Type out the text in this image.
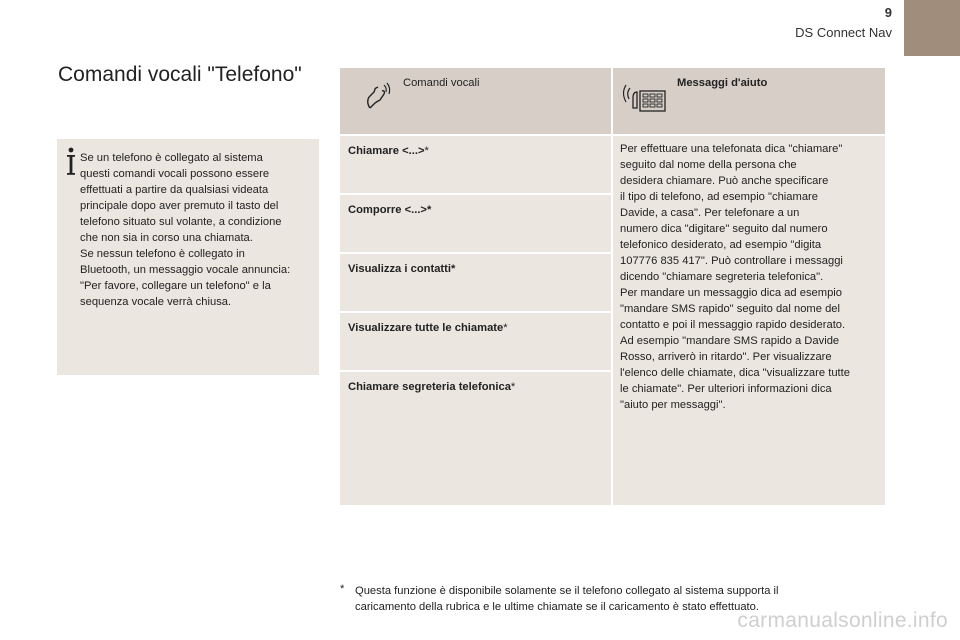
9
DS Connect Nav
Comandi vocali "Telefono"
Se un telefono è collegato al sistema
questi comandi vocali possono essere
effettuati a partire da qualsiasi videata
principale dopo aver premuto il tasto del
telefono situato sul volante, a condizione
che non sia in corso una chiamata.
Se nessun telefono è collegato in
Bluetooth, un messaggio vocale annuncia:
"Per favore, collegare un telefono" e la
sequenza vocale verrà chiusa.
Comandi vocali	Messaggi d'aiuto
Chiamare <...>*
Comporre <...>*
Visualizza i contatti*
Visualizzare tutte le chiamate*
Chiamare segreteria telefonica*
Per effettuare una telefonata dica "chiamare"
seguito dal nome della persona che
desidera chiamare. Può anche specificare
il tipo di telefono, ad esempio "chiamare
Davide, a casa". Per telefonare a un
numero dica "digitare" seguito dal numero
telefonico desiderato, ad esempio "digita
107776 835 417". Può controllare i messaggi
dicendo "chiamare segreteria telefonica".
Per mandare un messaggio dica ad esempio
"mandare SMS rapido" seguito dal nome del
contatto e poi il messaggio rapido desiderato.
Ad esempio "mandare SMS rapido a Davide
Rosso, arriverò in ritardo". Per visualizzare
l'elenco delle chiamate, dica "visualizzare tutte
le chiamate". Per ulteriori informazioni dica
"aiuto per messaggi".
* Questa funzione è disponibile solamente se il telefono collegato al sistema supporta il caricamento della rubrica e le ultime chiamate se il caricamento è stato effettuato.
carmanualsonline.info
